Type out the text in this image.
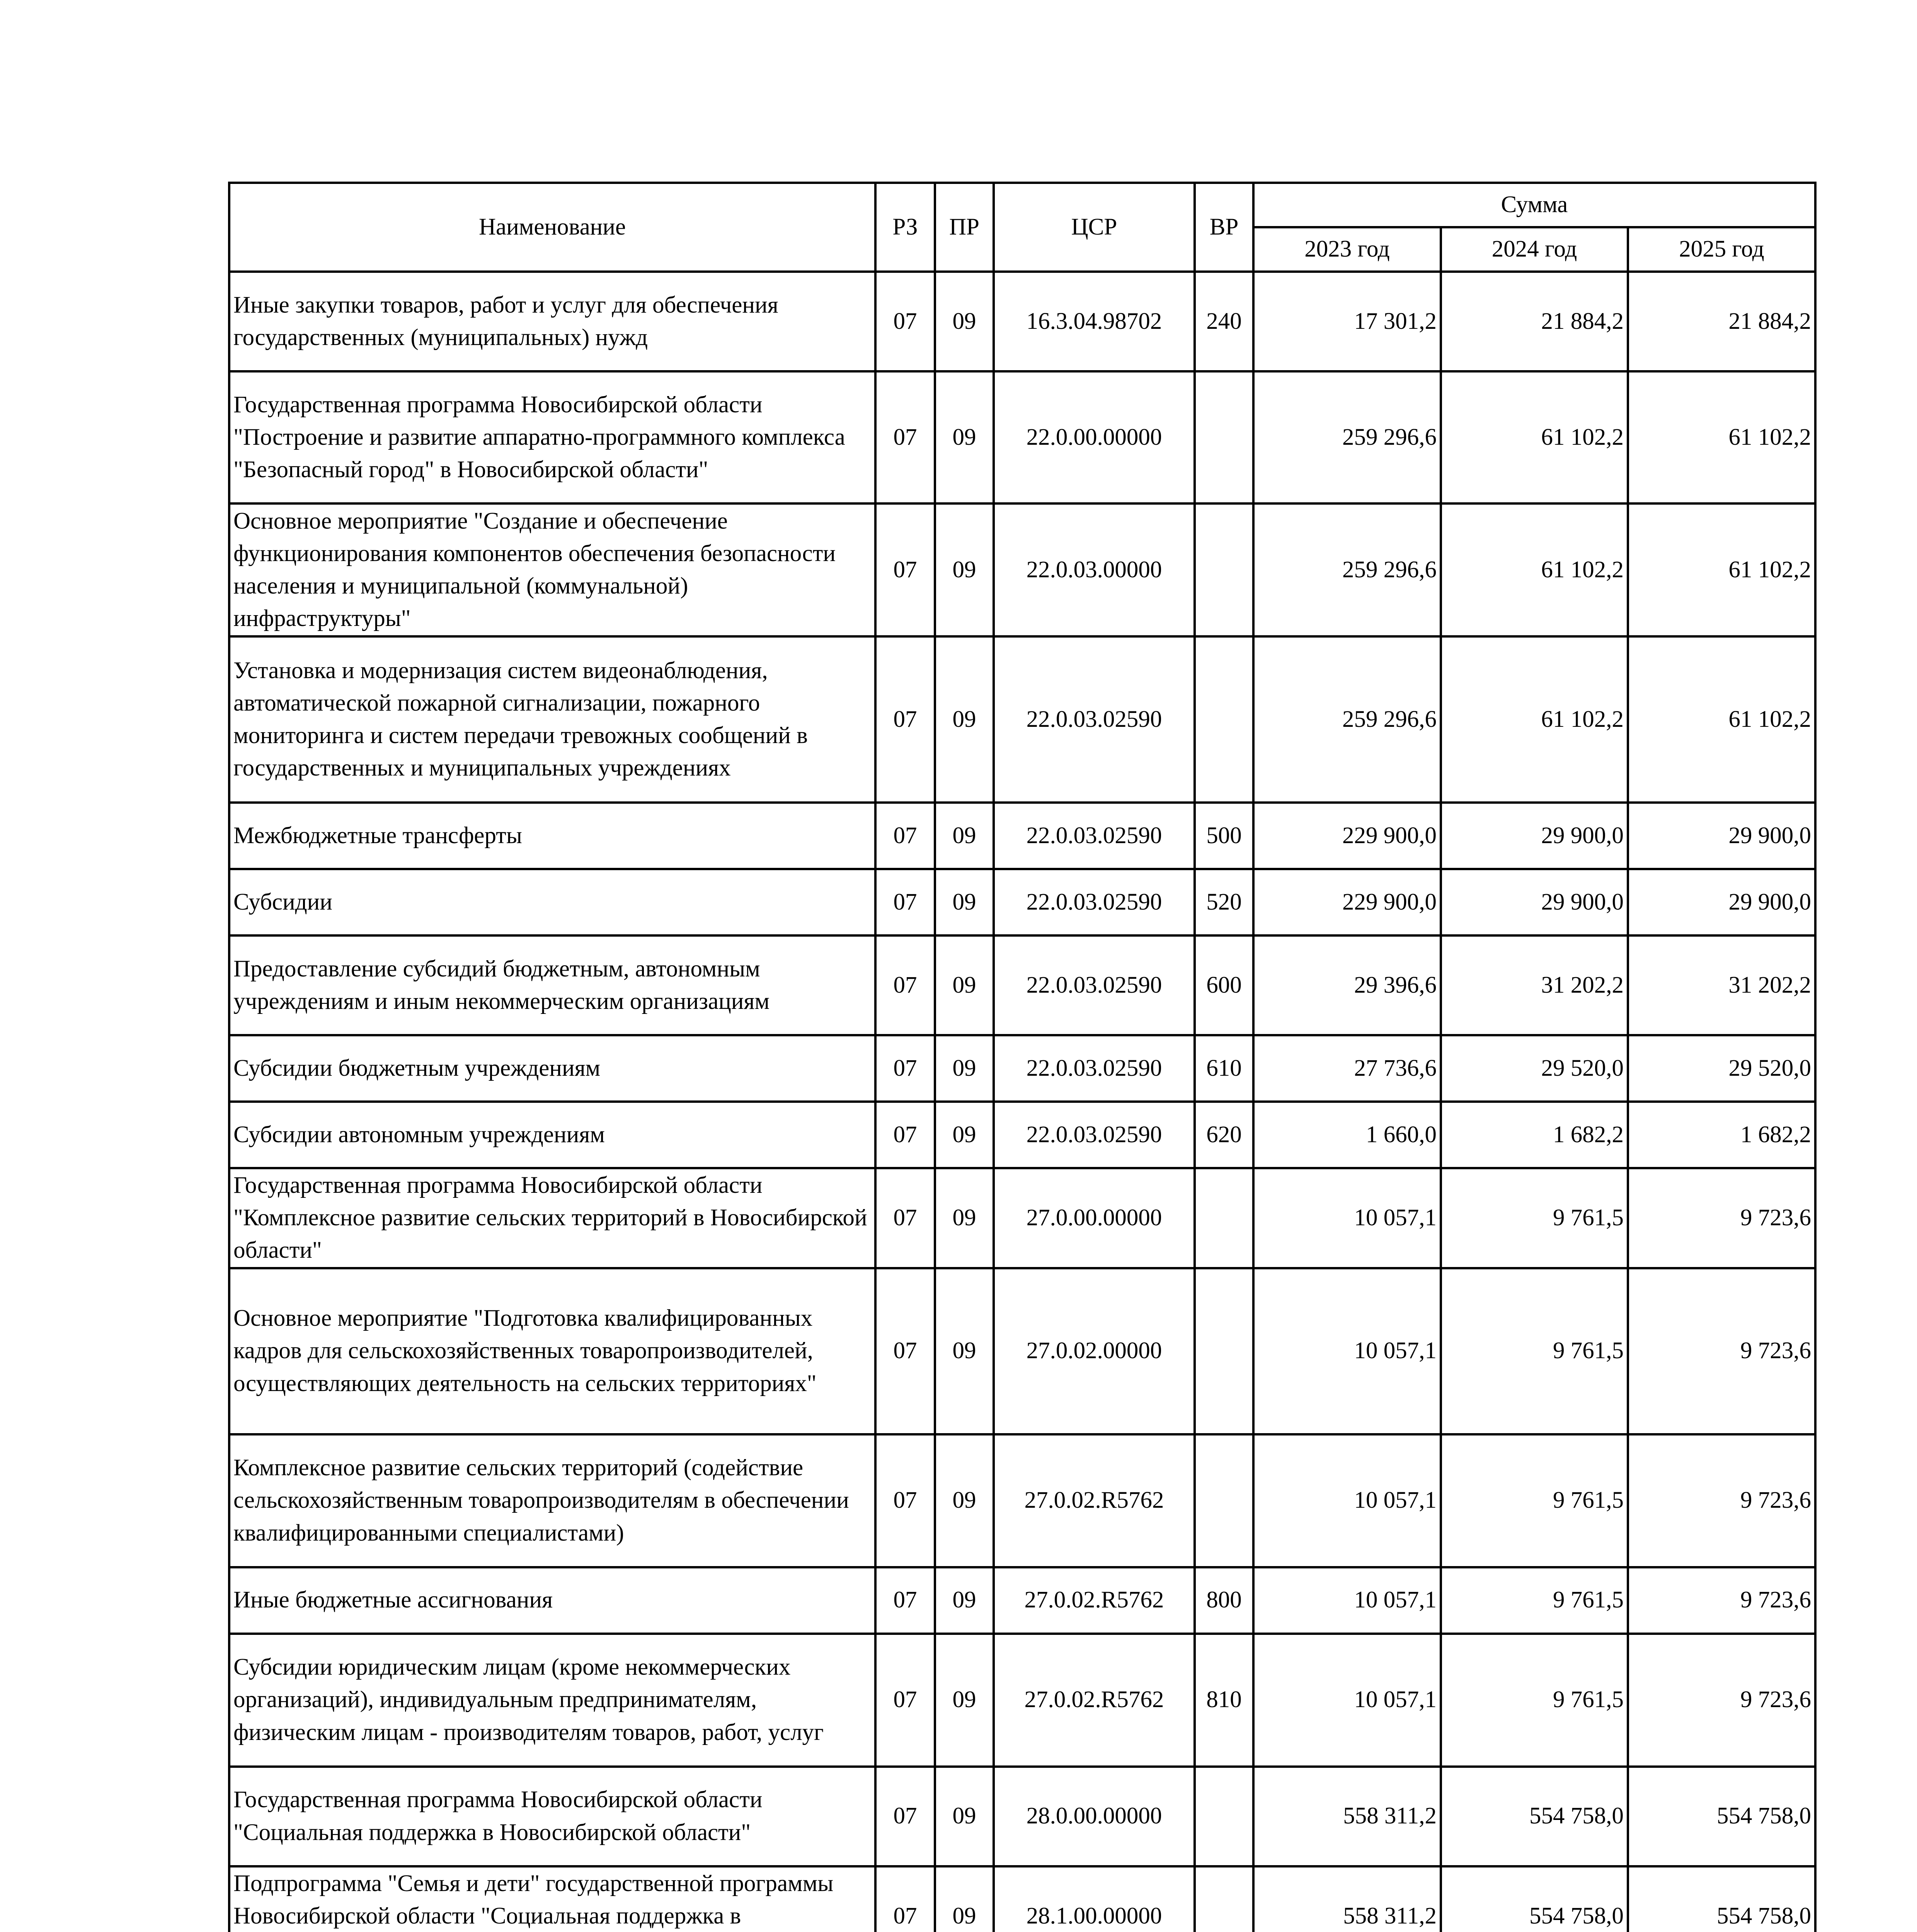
Наименование	РЗ	ПР	ЦСР	ВР	Сумма		
					2023 год	2024 год	2025 год
Иные закупки товаров, работ и услуг для обеспечения государственных (муниципальных) нужд	07	09	16.3.04.98702	240	17 301,2	21 884,2	21 884,2
Государственная программа Новосибирской области "Построение и развитие аппаратно-программного комплекса "Безопасный город" в Новосибирской области"	07	09	22.0.00.00000		259 296,6	61 102,2	61 102,2
Основное мероприятие "Создание и обеспечение функционирования компонентов обеспечения безопасности населения и муниципальной (коммунальной) инфраструктуры"	07	09	22.0.03.00000		259 296,6	61 102,2	61 102,2
Установка и модернизация систем видеонаблюдения, автоматической пожарной сигнализации, пожарного мониторинга и систем передачи тревожных сообщений в государственных и муниципальных учреждениях	07	09	22.0.03.02590		259 296,6	61 102,2	61 102,2
Межбюджетные трансферты	07	09	22.0.03.02590	500	229 900,0	29 900,0	29 900,0
Субсидии	07	09	22.0.03.02590	520	229 900,0	29 900,0	29 900,0
Предоставление субсидий бюджетным, автономным учреждениям и иным некоммерческим организациям	07	09	22.0.03.02590	600	29 396,6	31 202,2	31 202,2
Субсидии бюджетным учреждениям	07	09	22.0.03.02590	610	27 736,6	29 520,0	29 520,0
Субсидии автономным учреждениям	07	09	22.0.03.02590	620	1 660,0	1 682,2	1 682,2
Государственная программа Новосибирской области "Комплексное развитие сельских территорий в Новосибирской области"	07	09	27.0.00.00000		10 057,1	9 761,5	9 723,6
Основное мероприятие "Подготовка квалифицированных кадров для сельскохозяйственных товаропроизводителей, осуществляющих деятельность на сельских территориях"	07	09	27.0.02.00000		10 057,1	9 761,5	9 723,6
Комплексное развитие сельских территорий (содействие сельскохозяйственным товаропроизводителям в обеспечении квалифицированными специалистами)	07	09	27.0.02.R5762		10 057,1	9 761,5	9 723,6
Иные бюджетные ассигнования	07	09	27.0.02.R5762	800	10 057,1	9 761,5	9 723,6
Субсидии юридическим лицам (кроме некоммерческих организаций), индивидуальным предпринимателям, физическим лицам - производителям товаров, работ, услуг	07	09	27.0.02.R5762	810	10 057,1	9 761,5	9 723,6
Государственная программа Новосибирской области "Социальная поддержка в Новосибирской области"	07	09	28.0.00.00000		558 311,2	554 758,0	554 758,0
Подпрограмма "Семья и дети" государственной программы Новосибирской области "Социальная поддержка в	07	09	28.1.00.00000		558 311,2	554 758,0	554 758,0
